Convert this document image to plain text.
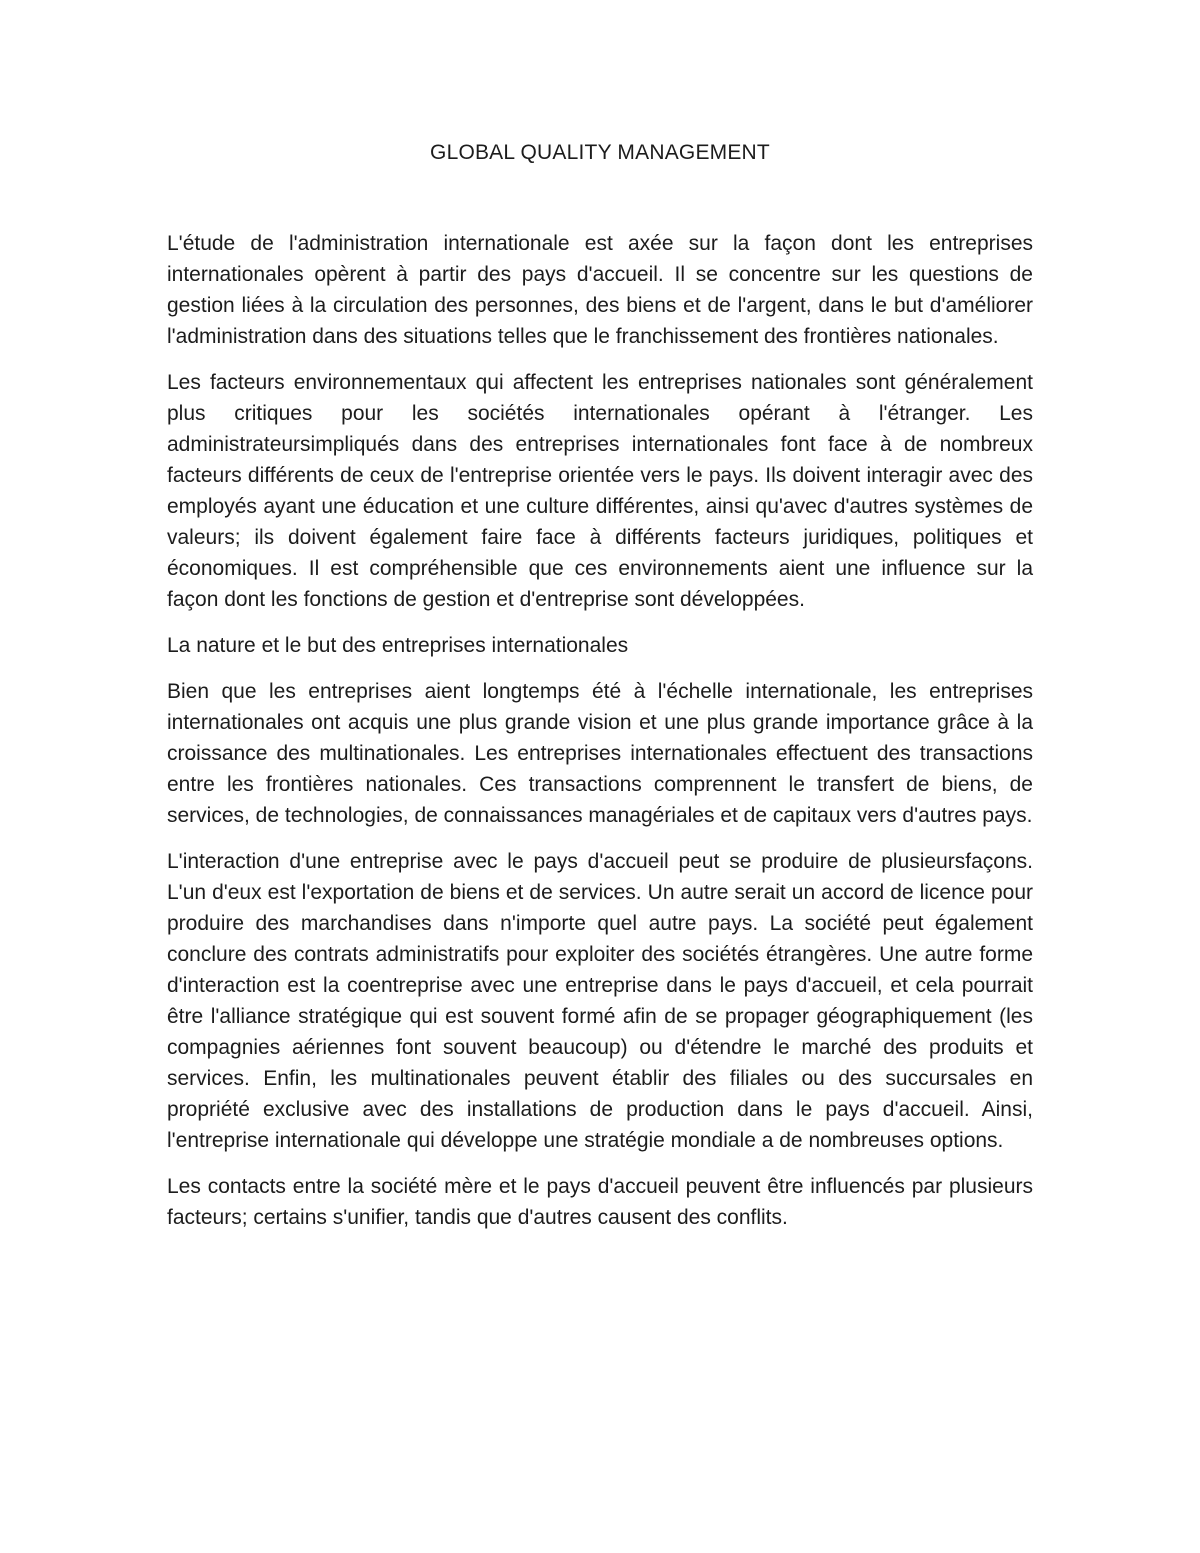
GLOBAL QUALITY MANAGEMENT

L'étude de l'administration internationale est axée sur la façon dont les entreprises internationales opèrent à partir des pays d'accueil. Il se concentre sur les questions de gestion liées à la circulation des personnes, des biens et de l'argent, dans le but d'améliorer l'administration dans des situations telles que le franchissement des frontières nationales.

Les facteurs environnementaux qui affectent les entreprises nationales sont généralement plus critiques pour les sociétés internationales opérant à l'étranger. Les administrateursimpliqués dans des entreprises internationales font face à de nombreux facteurs différents de ceux de l'entreprise orientée vers le pays. Ils doivent interagir avec des employés ayant une éducation et une culture différentes, ainsi qu'avec d'autres systèmes de valeurs; ils doivent également faire face à différents facteurs juridiques, politiques et économiques. Il est compréhensible que ces environnements aient une influence sur la façon dont les fonctions de gestion et d'entreprise sont développées.

La nature et le but des entreprises internationales

Bien que les entreprises aient longtemps été à l'échelle internationale, les entreprises internationales ont acquis une plus grande vision et une plus grande importance grâce à la croissance des multinationales. Les entreprises internationales effectuent des transactions entre les frontières nationales. Ces transactions comprennent le transfert de biens, de services, de technologies, de connaissances managériales et de capitaux vers d'autres pays.

L'interaction d'une entreprise avec le pays d'accueil peut se produire de plusieursfaçons. L'un d'eux est l'exportation de biens et de services. Un autre serait un accord de licence pour produire des marchandises dans n'importe quel autre pays. La société peut également conclure des contrats administratifs pour exploiter des sociétés étrangères. Une autre forme d'interaction est la coentreprise avec une entreprise dans le pays d'accueil, et cela pourrait être l'alliance stratégique qui est souvent formé afin de se propager géographiquement (les compagnies aériennes font souvent beaucoup) ou d'étendre le marché des produits et services. Enfin, les multinationales peuvent établir des filiales ou des succursales en propriété exclusive avec des installations de production dans le pays d'accueil. Ainsi, l'entreprise internationale qui développe une stratégie mondiale a de nombreuses options.

Les contacts entre la société mère et le pays d'accueil peuvent être influencés par plusieurs facteurs; certains s'unifier, tandis que d'autres causent des conflits.
